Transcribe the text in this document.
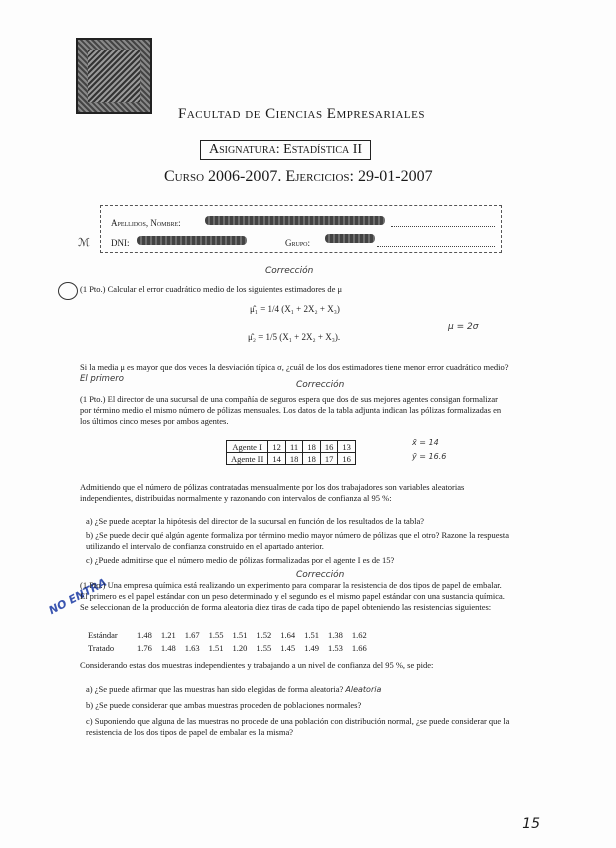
Facultad de Ciencias Empresariales
Asignatura: Estadística II
Curso 2006-2007. Ejercicios: 29-01-2007
Apellidos, Nombre:
DNI:	Grupo:
ℳ
Corrección
(1 Pto.) Calcular el error cuadrático medio de los siguientes estimadores de μ
μ̂₁ = 1/4 (X₁ + 2X₂ + X₃)
μ̂₂ = 1/5 (X₁ + 2X₂ + X₃).
μ = 2σ
Si la media μ es mayor que dos veces la desviación típica σ, ¿cuál de los dos estimadores tiene menor error cuadrático medio? El primero
Corrección
(1 Pto.) El director de una sucursal de una compañía de seguros espera que dos de sus mejores agentes consigan formalizar por término medio el mismo número de pólizas mensuales. Los datos de la tabla adjunta indican las pólizas formalizadas en los últimos cinco meses por ambos agentes.
Agente I	12	11	18	16	13
Agente II	14	18	18	17	16
x̄ = 14
ȳ = 16.6
Admitiendo que el número de pólizas contratadas mensualmente por los dos trabajadores son variables aleatorias independientes, distribuidas normalmente y razonando con intervalos de confianza al 95 %:
a) ¿Se puede aceptar la hipótesis del director de la sucursal en función de los resultados de la tabla?
b) ¿Se puede decir qué algún agente formaliza por término medio mayor número de pólizas que el otro? Razone la respuesta utilizando el intervalo de confianza construido en el apartado anterior.
c) ¿Puede admitirse que el número medio de pólizas formalizadas por el agente I es de 15?
Corrección
NO ENTRA
(1 Pto.) Una empresa química está realizando un experimento para comparar la resistencia de dos tipos de papel de embalar. El primero es el papel estándar con un peso determinado y el segundo es el mismo papel estándar con una sustancia química. Se seleccionan de la producción de forma aleatoria diez tiras de cada tipo de papel obteniendo las resistencias siguientes:
Estándar	1.48 1.21 1.67 1.55 1.51 1.52 1.64 1.51 1.38 1.62
Tratado	1.76 1.48 1.63 1.51 1.20 1.55 1.45 1.49 1.53 1.66
Considerando estas dos muestras independientes y trabajando a un nivel de confianza del 95 %, se pide:
a) ¿Se puede afirmar que las muestras han sido elegidas de forma aleatoria? Aleatoria
b) ¿Se puede considerar que ambas muestras proceden de poblaciones normales?
c) Suponiendo que alguna de las muestras no procede de una población con distribución normal, ¿se puede considerar que la resistencia de los dos tipos de papel de embalar es la misma?
15
